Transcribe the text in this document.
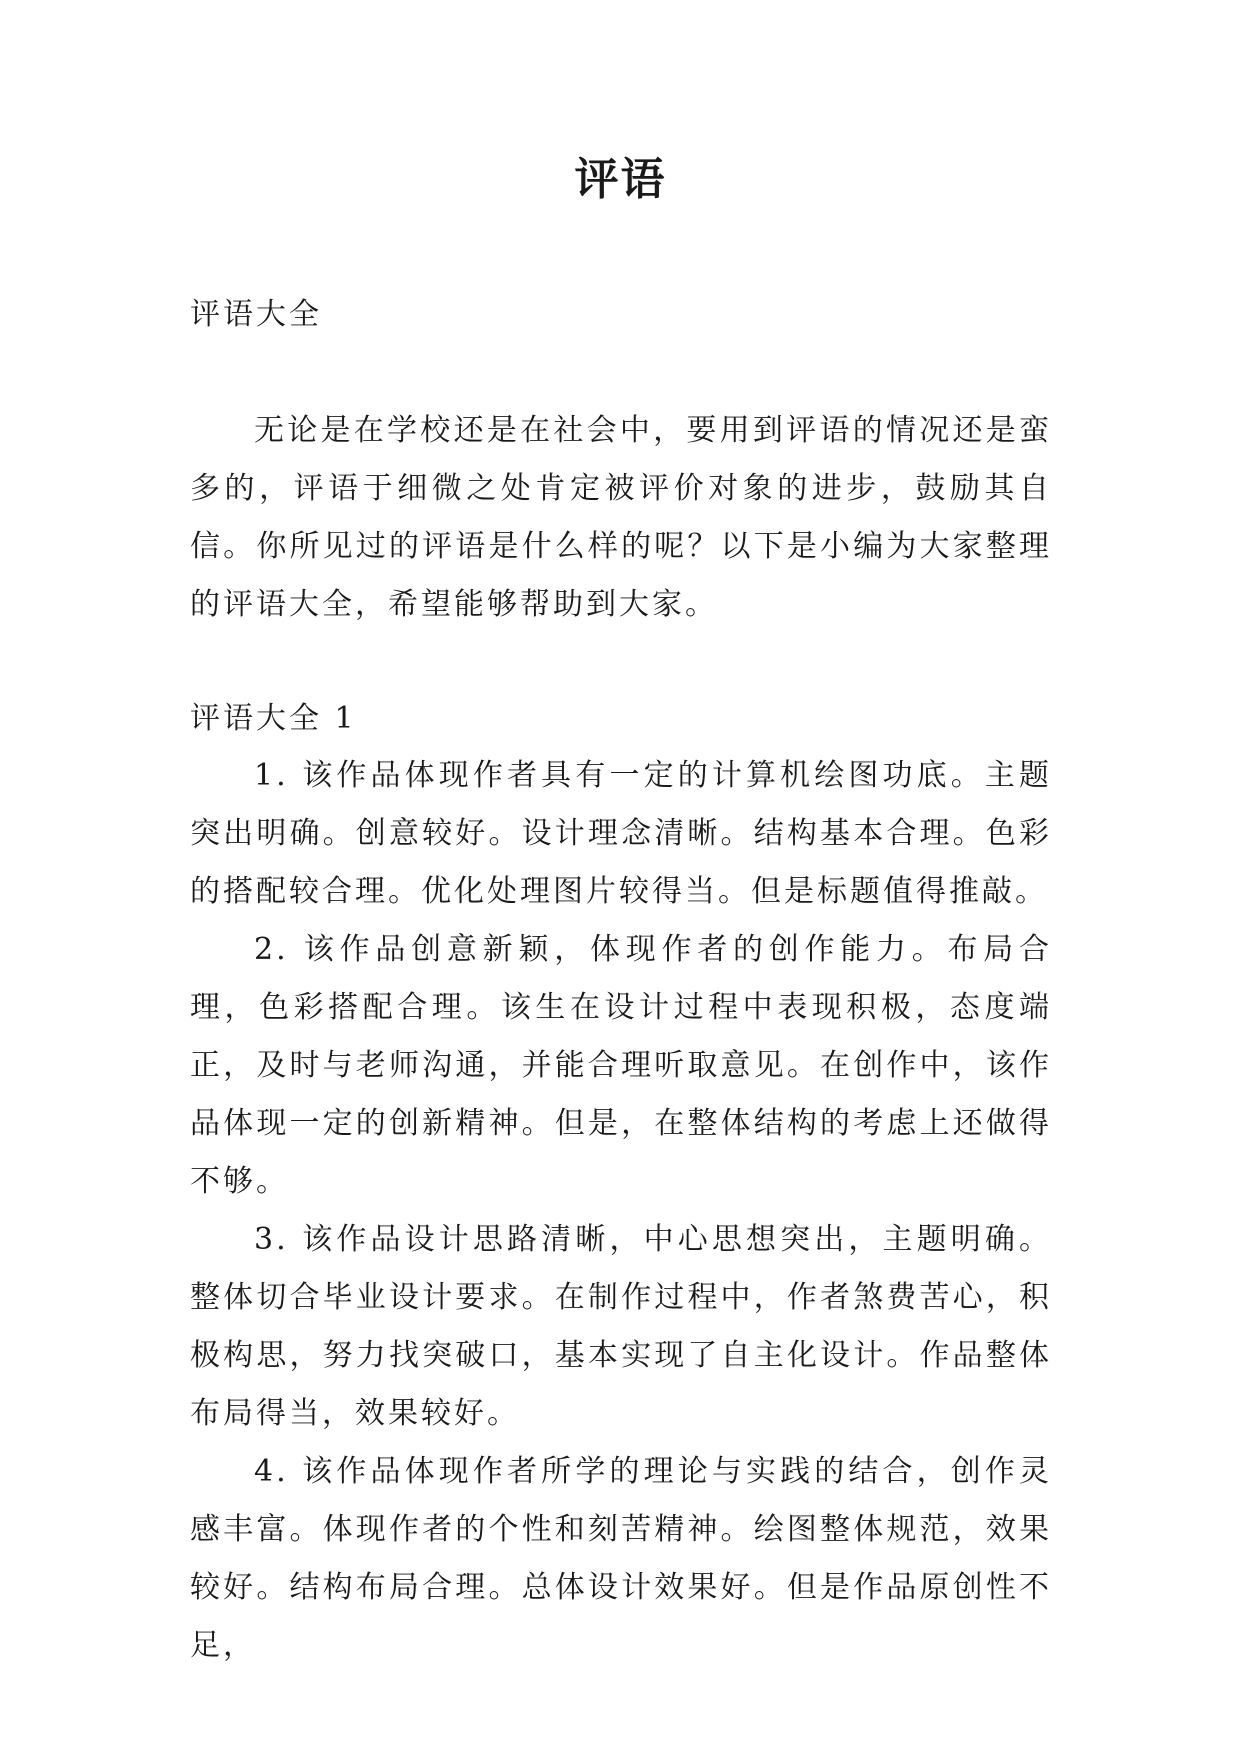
评语
评语大全

无论是在学校还是在社会中，要用到评语的情况还是蛮多的，评语于细微之处肯定被评价对象的进步，鼓励其自信。你所见过的评语是什么样的呢？以下是小编为大家整理的评语大全，希望能够帮助到大家。

评语大全 1

1. 该作品体现作者具有一定的计算机绘图功底。主题突出明确。创意较好。设计理念清晰。结构基本合理。色彩的搭配较合理。优化处理图片较得当。但是标题值得推敲。

2. 该作品创意新颖，体现作者的创作能力。布局合理，色彩搭配合理。该生在设计过程中表现积极，态度端正，及时与老师沟通，并能合理听取意见。在创作中，该作品体现一定的创新精神。但是，在整体结构的考虑上还做得不够。

3. 该作品设计思路清晰，中心思想突出，主题明确。整体切合毕业设计要求。在制作过程中，作者煞费苦心，积极构思，努力找突破口，基本实现了自主化设计。作品整体布局得当，效果较好。

4. 该作品体现作者所学的理论与实践的结合，创作灵感丰富。体现作者的个性和刻苦精神。绘图整体规范，效果较好。结构布局合理。总体设计效果好。但是作品原创性不足，
